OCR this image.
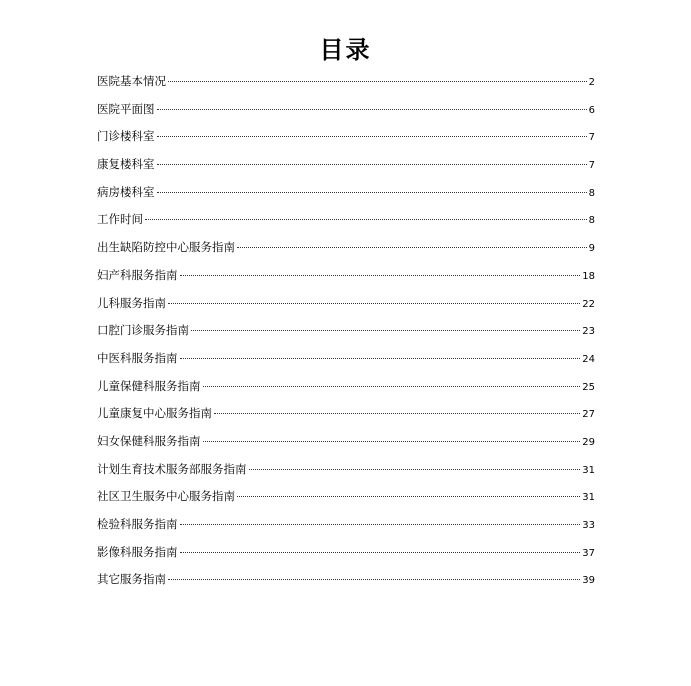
目录
医院基本情况	2
医院平面图	6
门诊楼科室	7
康复楼科室	7
病房楼科室	8
工作时间	8
出生缺陷防控中心服务指南	9
妇产科服务指南	18
儿科服务指南	22
口腔门诊服务指南	23
中医科服务指南	24
儿童保健科服务指南	25
儿童康复中心服务指南	27
妇女保健科服务指南	29
计划生育技术服务部服务指南	31
社区卫生服务中心服务指南	31
检验科服务指南	33
影像科服务指南	37
其它服务指南	39
